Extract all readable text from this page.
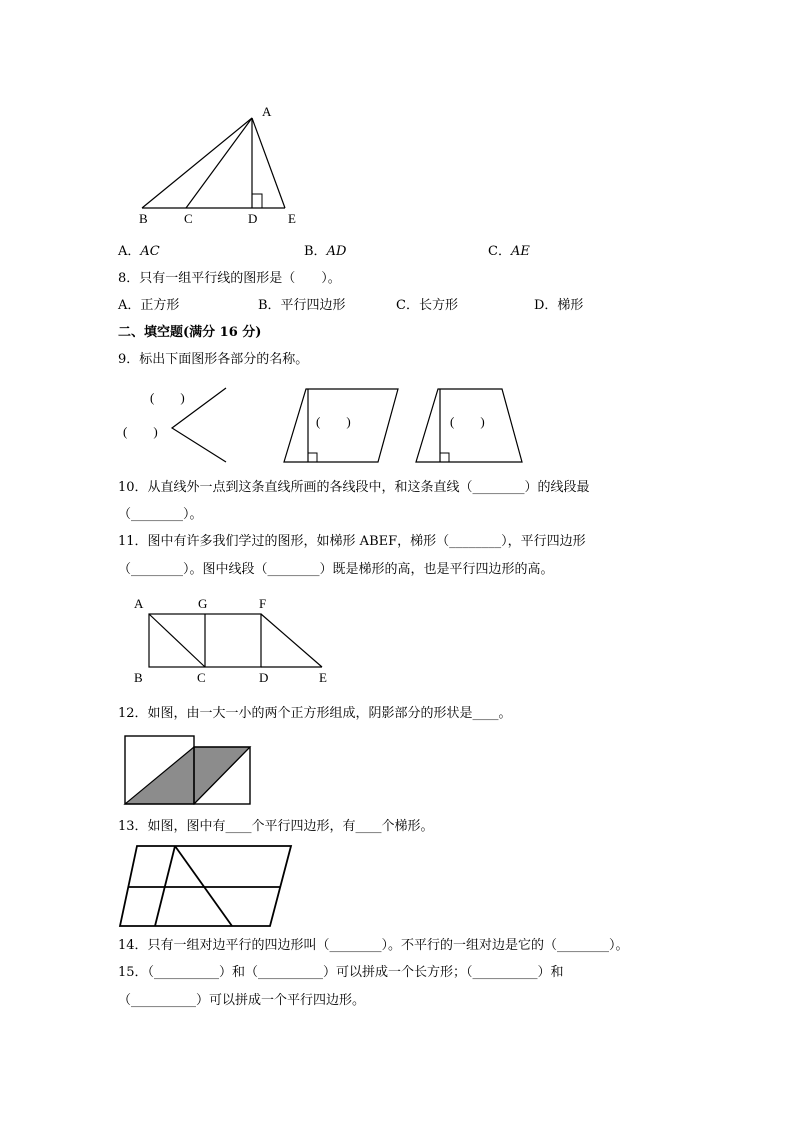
A
B	C	D E
A．AC	B．AD	C．AE
8．只有一组平行线的图形是（　　）。
A．正方形	B．平行四边形	C．长方形	D．梯形
二、填空题(满分 16 分)
9．标出下面图形各部分的名称。
(　　)
(　　)
(　　)	(　　)
10．从直线外一点到这条直线所画的各线段中，和这条直线（________）的线段最
（________）。
11．图中有许多我们学过的图形，如梯形 ABEF，梯形（________），平行四边形
（________）。图中线段（________）既是梯形的高，也是平行四边形的高。
A	G	F
B	C	D	E
12．如图，由一大一小的两个正方形组成，阴影部分的形状是____。
13．如图，图中有____个平行四边形，有____个梯形。
14．只有一组对边平行的四边形叫（________）。不平行的一组对边是它的（________）。
15．（__________）和（__________）可以拼成一个长方形；（__________）和
（__________）可以拼成一个平行四边形。
